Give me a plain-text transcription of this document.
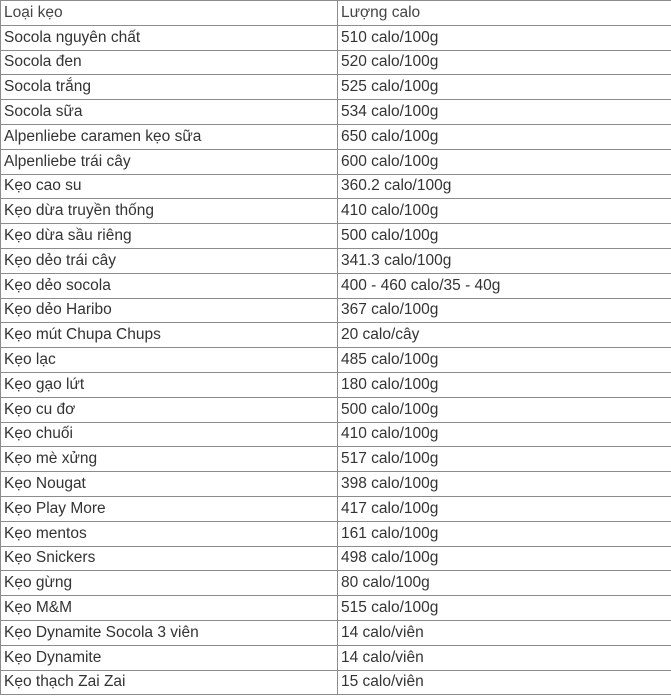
Loại kẹo	Lượng calo
Socola nguyên chất	510 calo/100g
Socola đen	520 calo/100g
Socola trắng	525 calo/100g
Socola sữa	534 calo/100g
Alpenliebe caramen kẹo sữa	650 calo/100g
Alpenliebe trái cây	600 calo/100g
Kẹo cao su	360.2 calo/100g
Kẹo dừa truyền thống	410 calo/100g
Kẹo dừa sầu riêng	500 calo/100g
Kẹo dẻo trái cây	341.3 calo/100g
Kẹo dẻo socola	400 - 460 calo/35 - 40g
Kẹo dẻo Haribo	367 calo/100g
Kẹo mút Chupa Chups	20 calo/cây
Kẹo lạc	485 calo/100g
Kẹo gạo lứt	180 calo/100g
Kẹo cu đơ	500 calo/100g
Kẹo chuối	410 calo/100g
Kẹo mè xửng	517 calo/100g
Kẹo Nougat	398 calo/100g
Kẹo Play More	417 calo/100g
Kẹo mentos	161 calo/100g
Kẹo Snickers	498 calo/100g
Kẹo gừng	80 calo/100g
Kẹo M&M	515 calo/100g
Kẹo Dynamite Socola 3 viên	14 calo/viên
Kẹo Dynamite	14 calo/viên
Kẹo thạch Zai Zai	15 calo/viên
